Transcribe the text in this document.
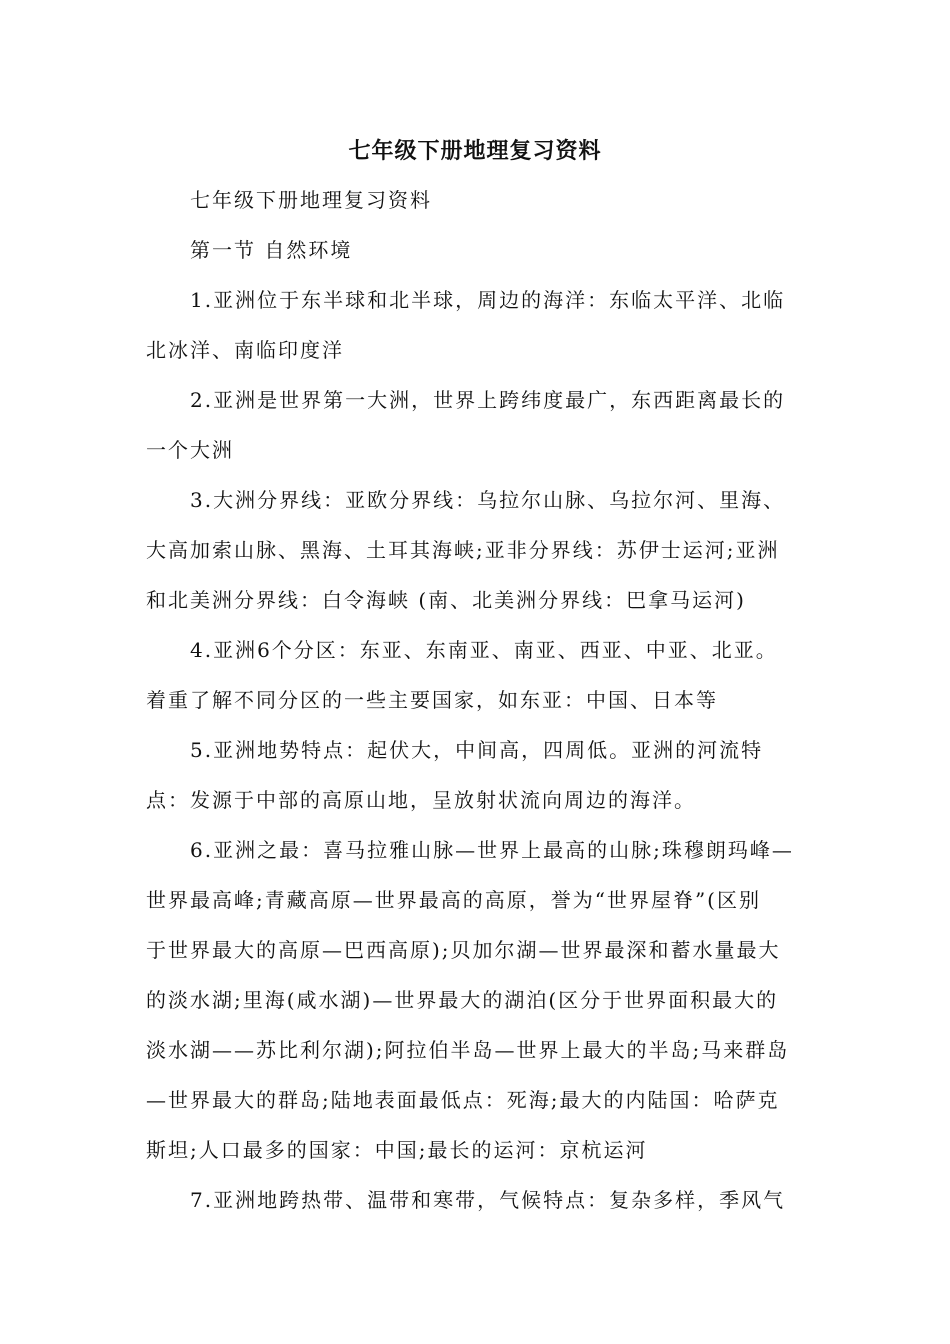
七年级下册地理复习资料
七年级下册地理复习资料
第一节 自然环境
1.亚洲位于东半球和北半球，周边的海洋：东临太平洋、北临
北冰洋、南临印度洋
2.亚洲是世界第一大洲，世界上跨纬度最广，东西距离最长的
一个大洲
3.大洲分界线：亚欧分界线：乌拉尔山脉、乌拉尔河、里海、
大高加索山脉、黑海、土耳其海峡;亚非分界线：苏伊士运河;亚洲
和北美洲分界线：白令海峡 (南、北美洲分界线：巴拿马运河)
4.亚洲6个分区：东亚、东南亚、南亚、西亚、中亚、北亚。
着重了解不同分区的一些主要国家，如东亚：中国、日本等
5.亚洲地势特点：起伏大，中间高，四周低。亚洲的河流特
点：发源于中部的高原山地，呈放射状流向周边的海洋。
6.亚洲之最：喜马拉雅山脉—世界上最高的山脉;珠穆朗玛峰—
世界最高峰;青藏高原—世界最高的高原，誉为“世界屋脊”(区别
于世界最大的高原—巴西高原);贝加尔湖—世界最深和蓄水量最大
的淡水湖;里海(咸水湖)—世界最大的湖泊(区分于世界面积最大的
淡水湖——苏比利尔湖);阿拉伯半岛—世界上最大的半岛;马来群岛
—世界最大的群岛;陆地表面最低点：死海;最大的内陆国：哈萨克
斯坦;人口最多的国家：中国;最长的运河：京杭运河
7.亚洲地跨热带、温带和寒带，气候特点：复杂多样，季风气
